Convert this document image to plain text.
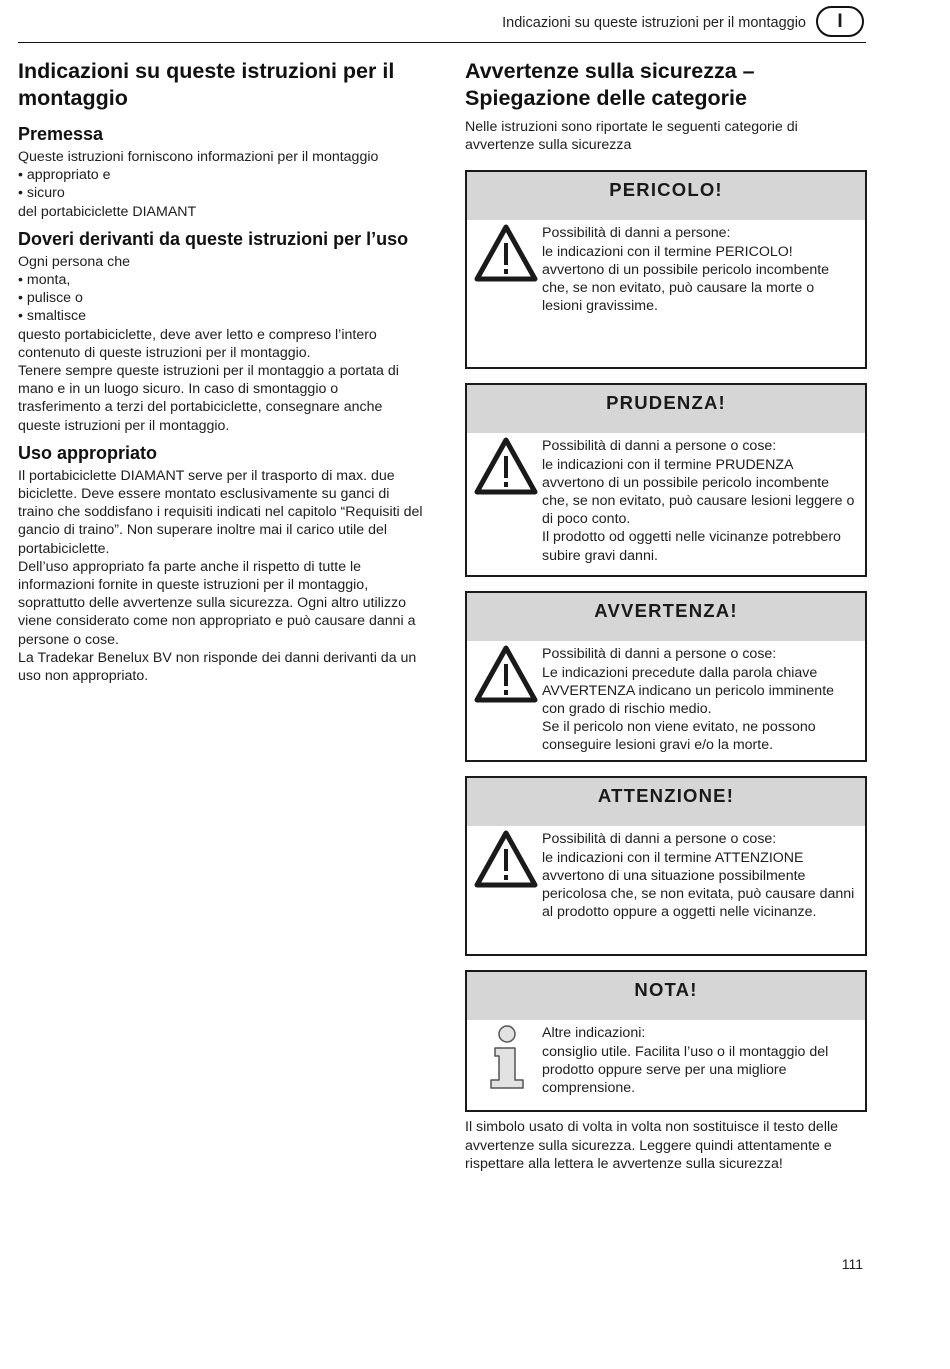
Indicazioni su queste istruzioni per il montaggio	I
Indicazioni su queste istruzioni per il montaggio
Premessa

Queste istruzioni forniscono informazioni per il montaggio

• appropriato e

• sicuro

del portabiciclette DIAMANT

Doveri derivanti da queste istruzioni per l’uso

Ogni persona che

• monta,

• pulisce o

• smaltisce

questo portabiciclette, deve aver letto e compreso l’intero contenuto di queste istruzioni per il montaggio.

Tenere sempre queste istruzioni per il montaggio a portata di mano e in un luogo sicuro. In caso di smontaggio o trasferimento a terzi del portabiciclette, consegnare anche queste istruzioni per il montaggio.

Uso appropriato

Il portabiciclette DIAMANT serve per il trasporto di max. due biciclette. Deve essere montato esclusivamente su ganci di traino che soddisfano i requisiti indicati nel capitolo “Requisiti del gancio di traino”. Non superare inoltre mai il carico utile del portabiciclette.

Dell’uso appropriato fa parte anche il rispetto di tutte le informazioni fornite in queste istruzioni per il montaggio, soprattutto delle avvertenze sulla sicurezza. Ogni altro utilizzo viene considerato come non appropriato e può causare danni a persone o cose.

La Tradekar Benelux BV non risponde dei danni derivanti da un uso non appropriato.

Avvertenze sulla sicurezza – Spiegazione delle categorie

Nelle istruzioni sono riportate le seguenti categorie di avvertenze sulla sicurezza

PERICOLO!

Possibilità di danni a persone:

le indicazioni con il termine PERICOLO! avvertono di un possibile pericolo incombente che, se non evitato, può causare la morte o lesioni gravissime.

PRUDENZA!

Possibilità di danni a persone o cose:

le indicazioni con il termine PRUDENZA avvertono di un possibile pericolo incombente che, se non evitato, può causare lesioni leggere o di poco conto.

Il prodotto od oggetti nelle vicinanze potrebbero subire gravi danni.

AVVERTENZA!

Possibilità di danni a persone o cose:

Le indicazioni precedute dalla parola chiave AVVERTENZA indicano un pericolo imminente con grado di rischio medio.

Se il pericolo non viene evitato, ne possono conseguire lesioni gravi e/o la morte.

ATTENZIONE!

Possibilità di danni a persone o cose:

le indicazioni con il termine ATTENZIONE avvertono di una situazione possibilmente pericolosa che, se non evitata, può causare danni al prodotto oppure a oggetti nelle vicinanze.

NOTA!

Altre indicazioni:

consiglio utile. Facilita l’uso o il montaggio del prodotto oppure serve per una migliore comprensione.

Il simbolo usato di volta in volta non sostituisce il testo delle avvertenze sulla sicurezza. Leggere quindi attentamente e rispettare alla lettera le avvertenze sulla sicurezza!

111
